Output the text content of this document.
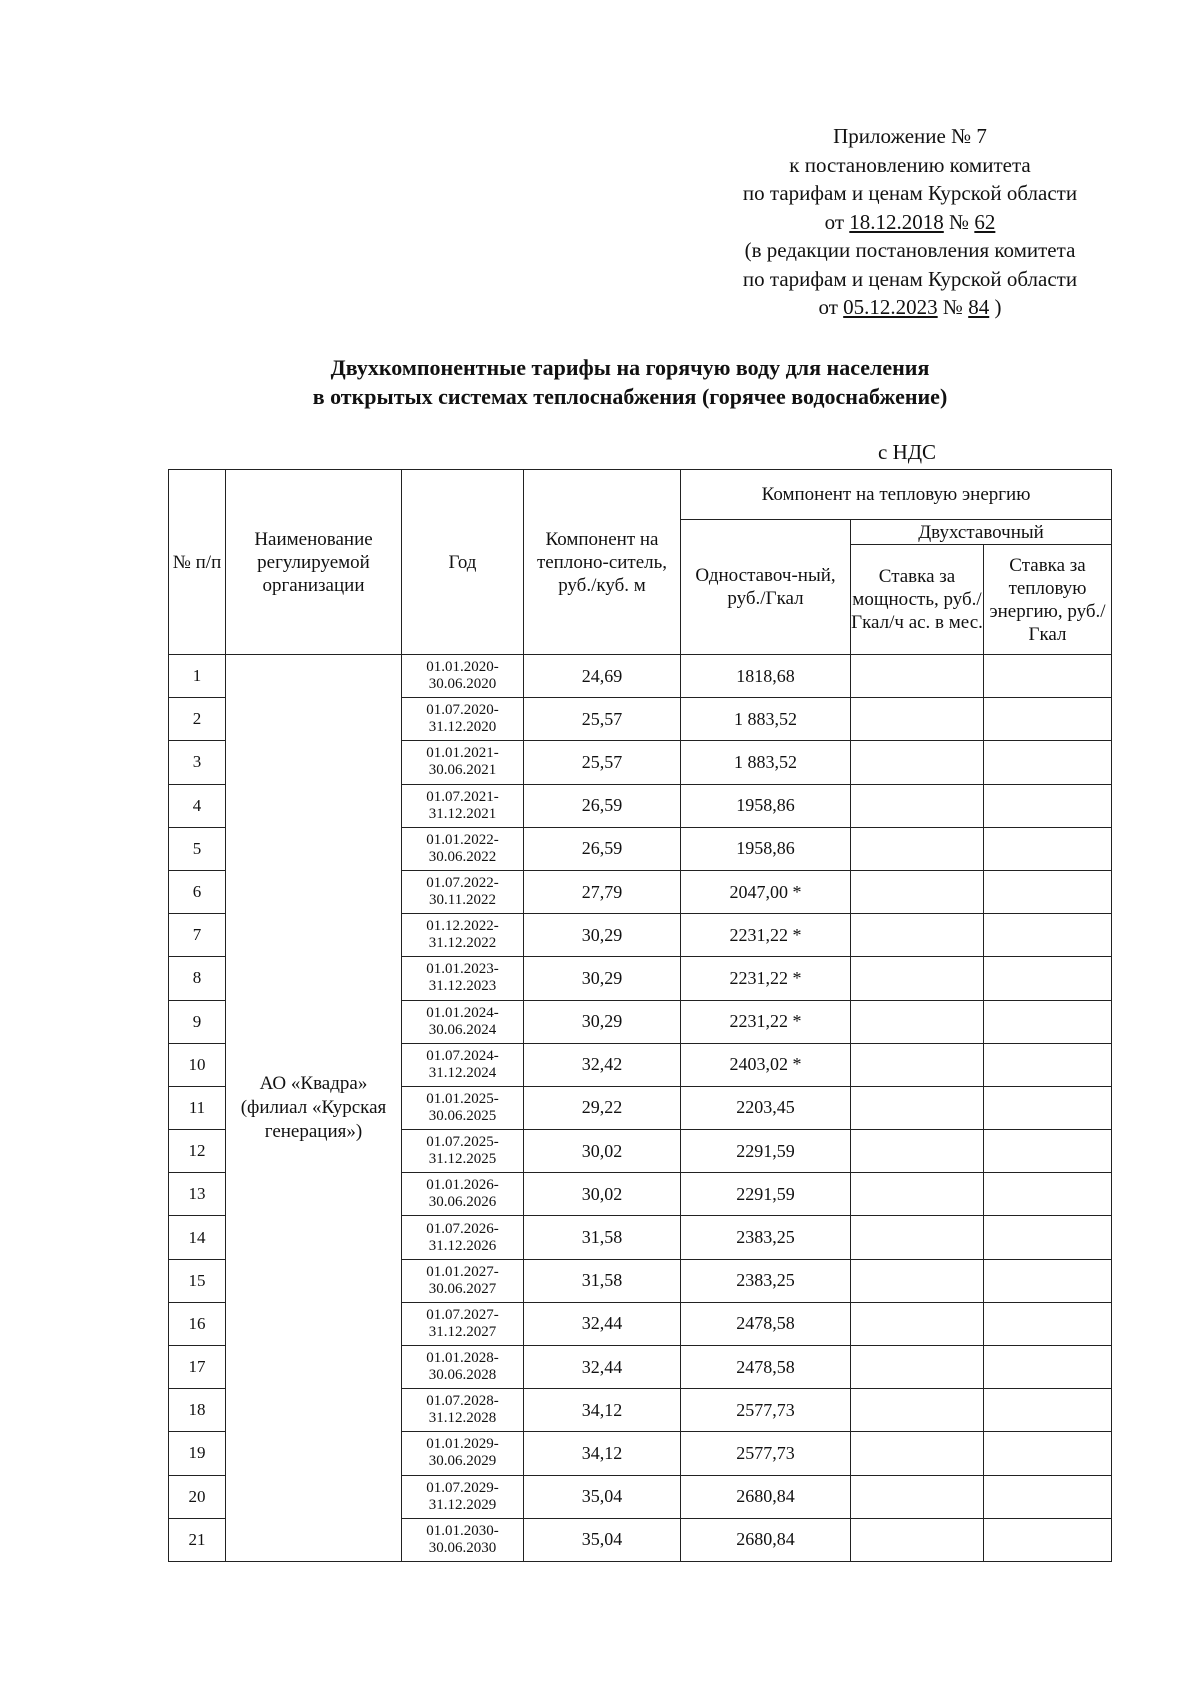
Приложение № 7
к постановлению комитета
по тарифам и ценам Курской области
от 18.12.2018 № 62
(в редакции постановления комитета
по тарифам и ценам Курской области
от 05.12.2023 № 84 )
Двухкомпонентные тарифы на горячую воду для населения
в открытых системах теплоснабжения (горячее водоснабжение)
с НДС
№ п/п	Наименование регулируемой организации	Год	Компонент на теплоно-ситель, руб./куб. м	Компонент на тепловую энергию		
				Одноставоч-ный, руб./Гкал	Двухставочный	
					Ставка за мощность, руб./Гкал/ч ас. в мес.	Ставка за тепловую энергию, руб./Гкал
1	АО «Квадра» (филиал «Курская генерация»)	01.01.2020-30.06.2020	24,69	1818,68		
2		01.07.2020-31.12.2020	25,57	1 883,52		
3		01.01.2021-30.06.2021	25,57	1 883,52		
4		01.07.2021-31.12.2021	26,59	1958,86		
5		01.01.2022-30.06.2022	26,59	1958,86		
6		01.07.2022-30.11.2022	27,79	2047,00 *		
7		01.12.2022-31.12.2022	30,29	2231,22 *		
8		01.01.2023-31.12.2023	30,29	2231,22 *		
9		01.01.2024-30.06.2024	30,29	2231,22 *		
10		01.07.2024-31.12.2024	32,42	2403,02 *		
11		01.01.2025-30.06.2025	29,22	2203,45		
12		01.07.2025-31.12.2025	30,02	2291,59		
13		01.01.2026-30.06.2026	30,02	2291,59		
14		01.07.2026-31.12.2026	31,58	2383,25		
15		01.01.2027-30.06.2027	31,58	2383,25		
16		01.07.2027-31.12.2027	32,44	2478,58		
17		01.01.2028-30.06.2028	32,44	2478,58		
18		01.07.2028-31.12.2028	34,12	2577,73		
19		01.01.2029-30.06.2029	34,12	2577,73		
20		01.07.2029-31.12.2029	35,04	2680,84		
21		01.01.2030-30.06.2030	35,04	2680,84		
